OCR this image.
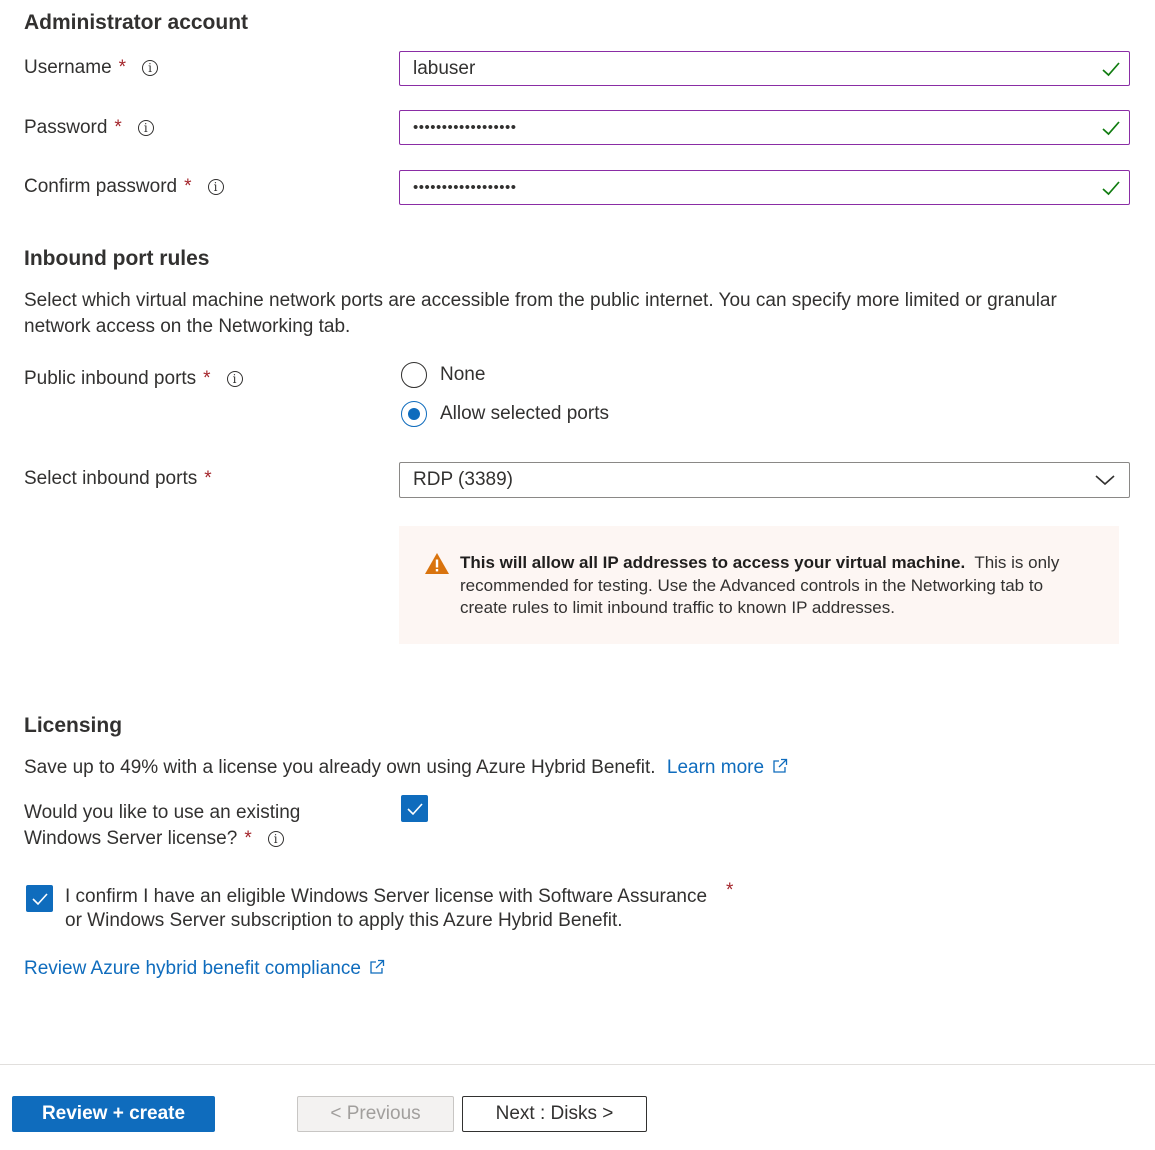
Administrator account
Username *	i	labuser
Password *	i	••••••••••••••••••
Confirm password *	i	••••••••••••••••••
Inbound port rules
Select which virtual machine network ports are accessible from the public internet. You can specify more limited or granular network access on the Networking tab.
Public inbound ports *	i	None
Allow selected ports
Select inbound ports *	RDP (3389)
This will allow all IP addresses to access your virtual machine. This is only recommended for testing. Use the Advanced controls in the Networking tab to create rules to limit inbound traffic to known IP addresses.
Licensing
Save up to 49% with a license you already own using Azure Hybrid Benefit. Learn more
Would you like to use an existing
Windows Server license? *	i
I confirm I have an eligible Windows Server license with Software Assurance
or Windows Server subscription to apply this Azure Hybrid Benefit.
*
Review Azure hybrid benefit compliance
Review + create	< Previous	Next : Disks >
